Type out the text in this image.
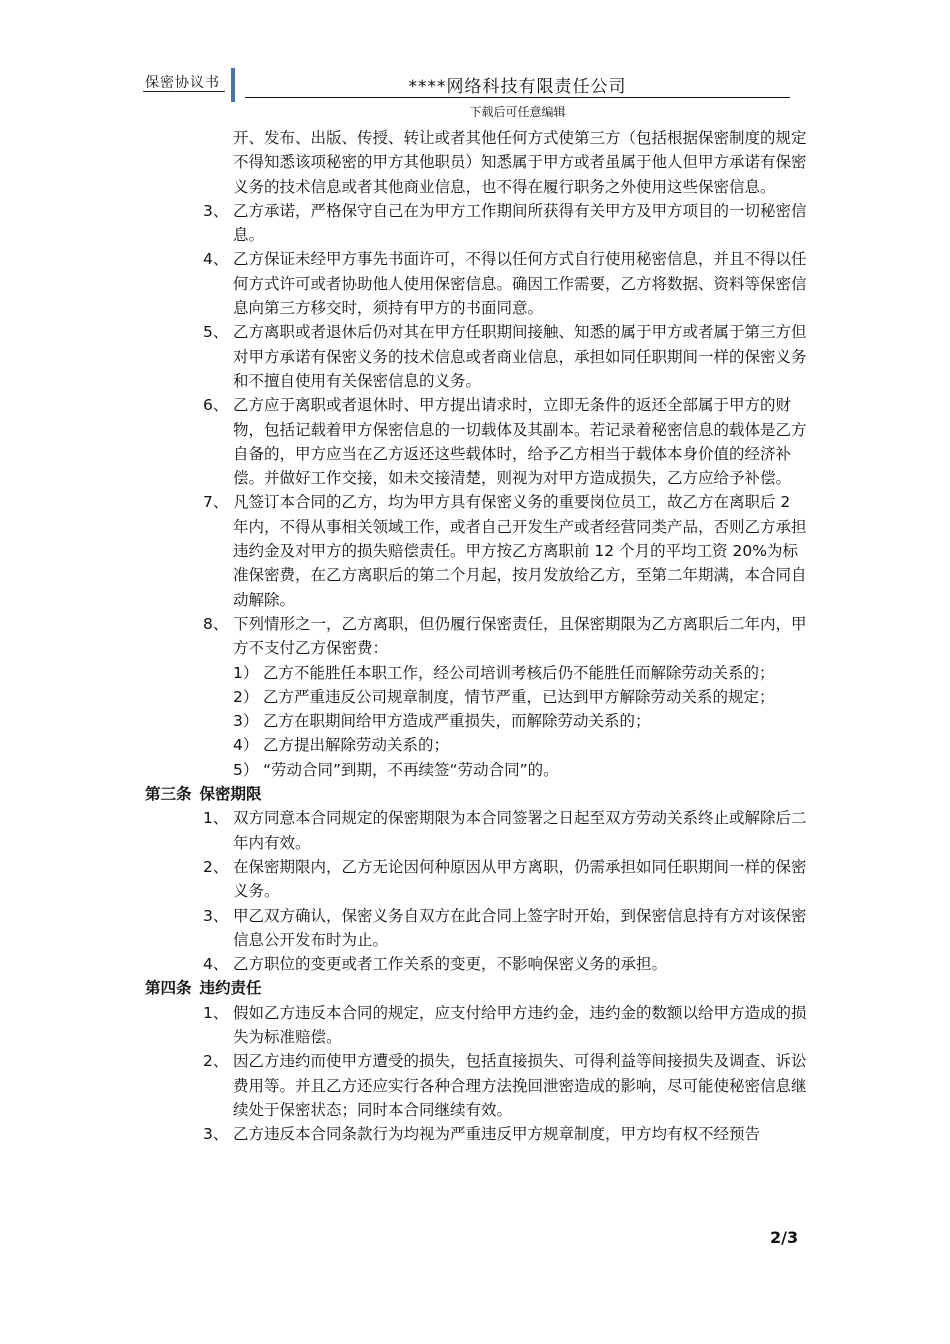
保密协议书	****网络科技有限责任公司
下载后可任意编辑

开、发布、出版、传授、转让或者其他任何方式使第三方（包括根据保密制度的规定不得知悉该项秘密的甲方其他职员）知悉属于甲方或者虽属于他人但甲方承诺有保密义务的技术信息或者其他商业信息，也不得在履行职务之外使用这些保密信息。

3、 乙方承诺，严格保守自己在为甲方工作期间所获得有关甲方及甲方项目的一切秘密信息。
4、 乙方保证未经甲方事先书面许可，不得以任何方式自行使用秘密信息，并且不得以任何方式许可或者协助他人使用保密信息。确因工作需要，乙方将数据、资料等保密信息向第三方移交时，须持有甲方的书面同意。
5、 乙方离职或者退休后仍对其在甲方任职期间接触、知悉的属于甲方或者属于第三方但对甲方承诺有保密义务的技术信息或者商业信息，承担如同任职期间一样的保密义务和不擅自使用有关保密信息的义务。
6、 乙方应于离职或者退休时、甲方提出请求时，立即无条件的返还全部属于甲方的财物，包括记载着甲方保密信息的一切载体及其副本。若记录着秘密信息的载体是乙方自备的，甲方应当在乙方返还这些载体时，给予乙方相当于载体本身价值的经济补偿。并做好工作交接，如未交接清楚，则视为对甲方造成损失，乙方应给予补偿。
7、 凡签订本合同的乙方，均为甲方具有保密义务的重要岗位员工，故乙方在离职后 2 年内，不得从事相关领域工作，或者自己开发生产或者经营同类产品，否则乙方承担违约金及对甲方的损失赔偿责任。甲方按乙方离职前 12 个月的平均工资 20%为标准保密费，在乙方离职后的第二个月起，按月发放给乙方，至第二年期满，本合同自动解除。
8、 下列情形之一，乙方离职，但仍履行保密责任，且保密期限为乙方离职后二年内，甲方不支付乙方保密费：
1） 乙方不能胜任本职工作，经公司培训考核后仍不能胜任而解除劳动关系的；
2） 乙方严重违反公司规章制度，情节严重，已达到甲方解除劳动关系的规定；
3） 乙方在职期间给甲方造成严重损失，而解除劳动关系的；
4） 乙方提出解除劳动关系的；
5） “劳动合同”到期，不再续签“劳动合同”的。
第三条 保密期限
1、 双方同意本合同规定的保密期限为本合同签署之日起至双方劳动关系终止或解除后二年内有效。
2、 在保密期限内，乙方无论因何种原因从甲方离职，仍需承担如同任职期间一样的保密义务。
3、 甲乙双方确认，保密义务自双方在此合同上签字时开始，到保密信息持有方对该保密信息公开发布时为止。
4、 乙方职位的变更或者工作关系的变更，不影响保密义务的承担。
第四条 违约责任
1、 假如乙方违反本合同的规定，应支付给甲方违约金，违约金的数额以给甲方造成的损失为标准赔偿。
2、 因乙方违约而使甲方遭受的损失，包括直接损失、可得利益等间接损失及调查、诉讼费用等。并且乙方还应实行各种合理方法挽回泄密造成的影响，尽可能使秘密信息继续处于保密状态；同时本合同继续有效。
3、 乙方违反本合同条款行为均视为严重违反甲方规章制度，甲方均有权不经预告
2/3
